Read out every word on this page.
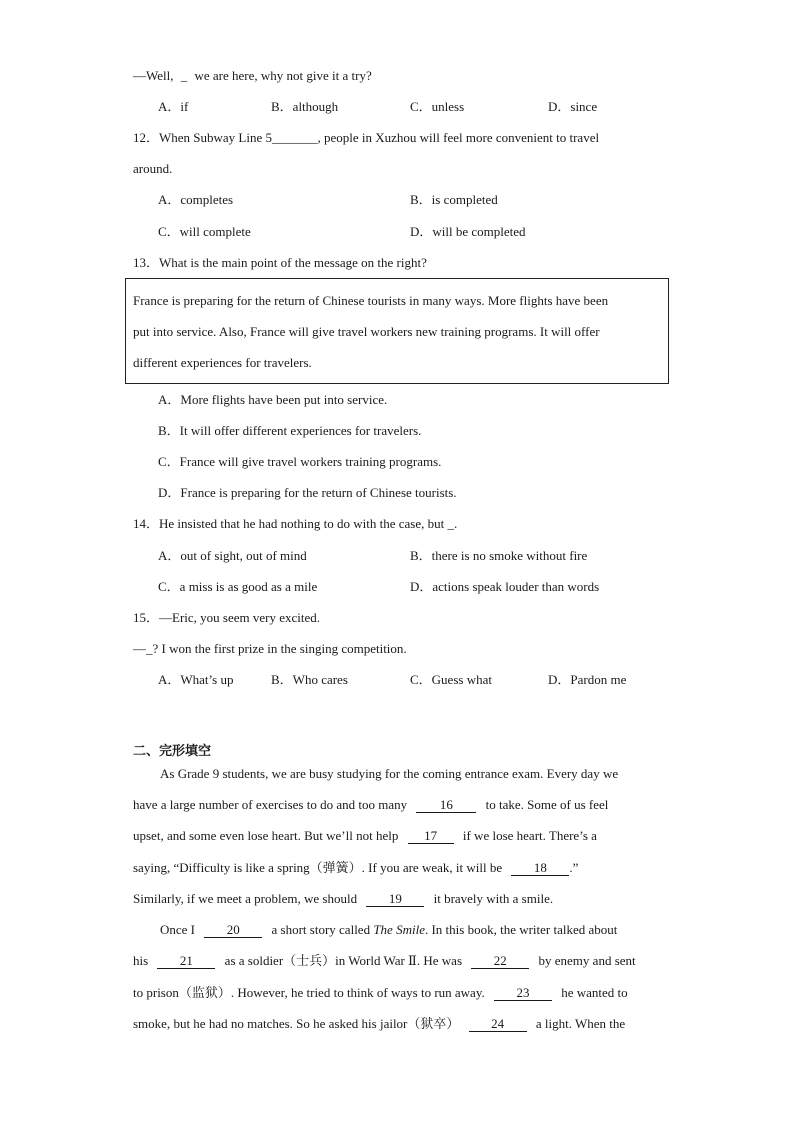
—Well, _ we are here, why not give it a try?
A．if	B．although	C．unless	D．since
12．When Subway Line 5_______, people in Xuzhou will feel more convenient to travel
around.
A．completes	B．is completed
C．will complete	D．will be completed
13．What is the main point of the message on the right?
France is preparing for the return of Chinese tourists in many ways. More flights have been
put into service. Also, France will give travel workers new training programs. It will offer
different experiences for travelers.
A．More flights have been put into service.
B．It will offer different experiences for travelers.
C．France will give travel workers training programs.
D．France is preparing for the return of Chinese tourists.
14．He insisted that he had nothing to do with the case, but _.
A．out of sight, out of mind	B．there is no smoke without fire
C．a miss is as good as a mile	D．actions speak louder than words
15．—Eric, you seem very excited.
—_? I won the first prize in the singing competition.
A．What’s up	B．Who cares	C．Guess what	D．Pardon me
二、完形填空
As Grade 9 students, we are busy studying for the coming entrance exam. Every day we
have a large number of exercises to do and too many	16	to take. Some of us feel
upset, and some even lose heart. But we’ll not help 17 if we lose heart. There’s a
saying, “Difficulty is like a spring（弹簧）. If you are weak, it will be 18 .”
Similarly, if we meet a problem, we should 19 it bravely with a smile.
Once I 20 a short story called The Smile. In this book, the writer talked about
his 21 as a soldier（士兵）in World War Ⅱ. He was 22 by enemy and sent
to prison（监狱）. However, he tried to think of ways to run away. 23 he wanted to
smoke, but he had no matches. So he asked his jailor（狱卒） 24 a light. When the
